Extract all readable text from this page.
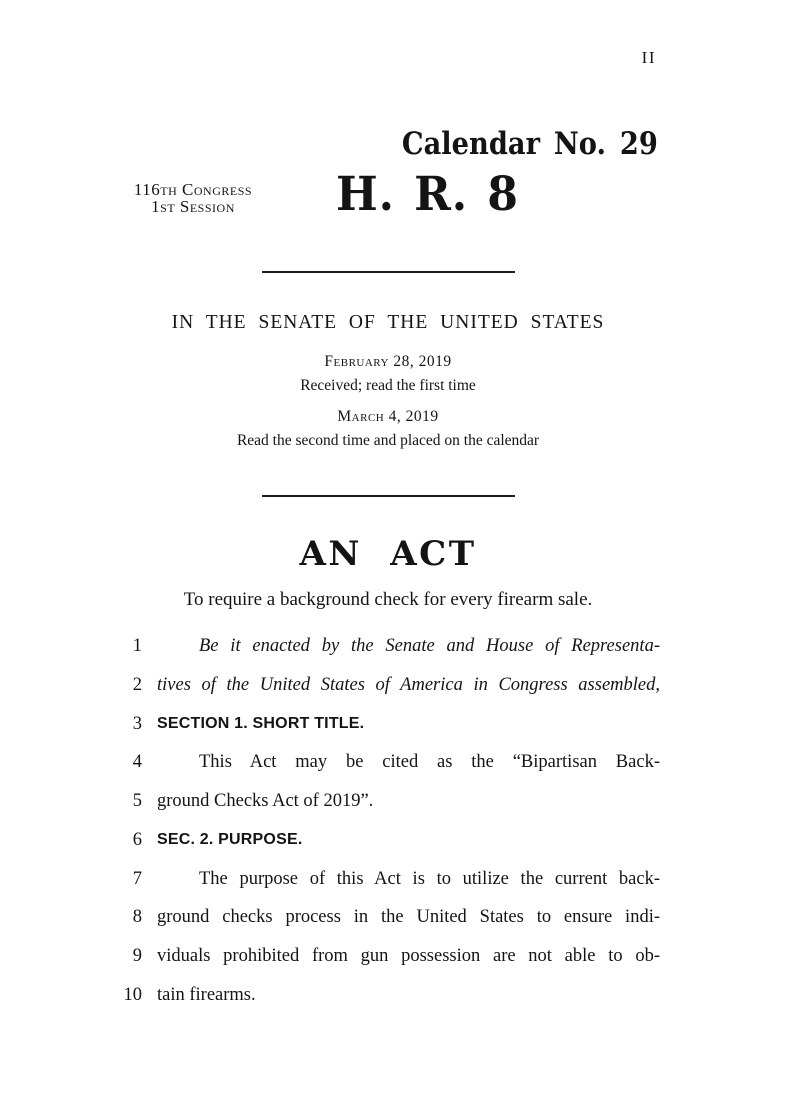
II
Calendar No. 29
116th Congress
1st Session	H. R. 8
IN THE SENATE OF THE UNITED STATES
February 28, 2019
Received; read the first time
March 4, 2019
Read the second time and placed on the calendar
AN ACT
To require a background check for every firearm sale.
1	Be it enacted by the Senate and House of Representa-
2 tives of the United States of America in Congress assembled,
3 SECTION 1. SHORT TITLE.
4	This Act may be cited as the “Bipartisan Back-
5 ground Checks Act of 2019”.
6 SEC. 2. PURPOSE.
7	The purpose of this Act is to utilize the current back-
8 ground checks process in the United States to ensure indi-
9 viduals prohibited from gun possession are not able to ob-
10 tain firearms.
